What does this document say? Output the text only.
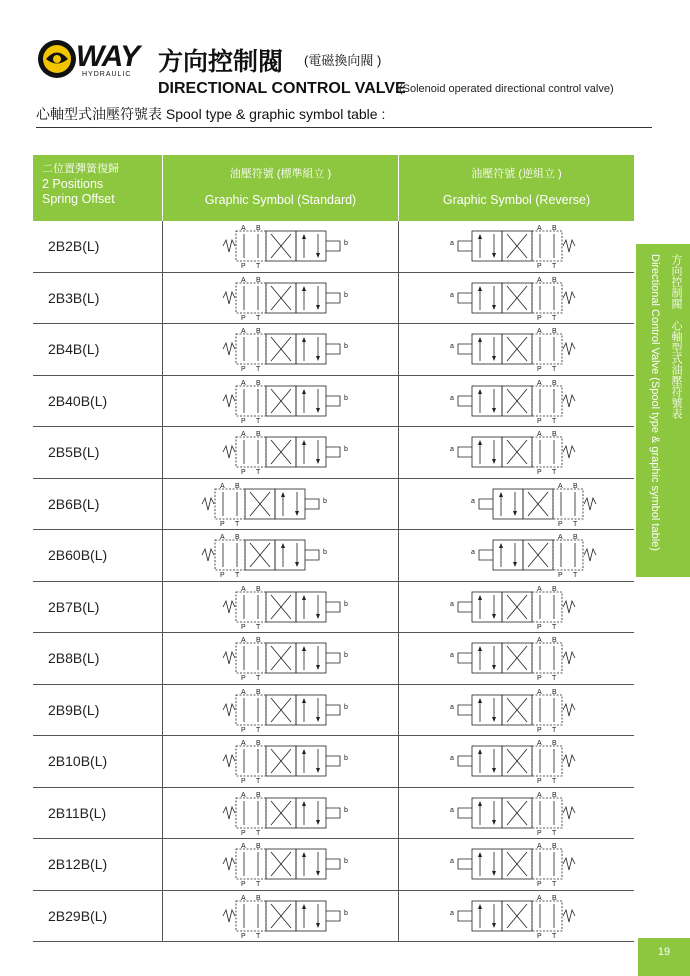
WAY
HYDRAULIC 方向控制閥 (電磁換向閥 )
DIRECTIONAL CONTROL VALVE
(Solenoid operated directional control valve)
心軸型式油壓符號表 Spool type & graphic symbol table :
二位置彈簧復歸
2 Positions
Spring Offset
油壓符號 (標準組立 )
Graphic Symbol (Standard)
油壓符號 (逆組立 )
Graphic Symbol (Reverse)
2B2B(L)	b
A B
P T
a
A B
P T
2B3B(L)	b
A B
P T
a
A B
P T
2B4B(L)	b
A B
P T
a
A B
P T
2B40B(L)	b
A B
P T
a
A B
P T
2B5B(L)	b
A B
P T
a
A B
P T
2B6B(L)	b
A B
P T
a
A B
P T
2B60B(L)	b
A B
P T
a
A B
P T
2B7B(L)	b
A B
P T
a
A B
P T
2B8B(L)	b
A B
P T
a
A B
P T
2B9B(L)	b
A B
P T
a
A B
P T
2B10B(L)	b
A B
P T
a
A B
P T
2B11B(L)	b
A B
P T
a
A B
P T
2B12B(L)	b
A B
P T
a
A B
P T
2B29B(L)	b
A B
P T
a
A B
P T
方向控制閥　心軸型式油壓符號表
Directional Control Valve (Spool type & graphic symbol table)
19
